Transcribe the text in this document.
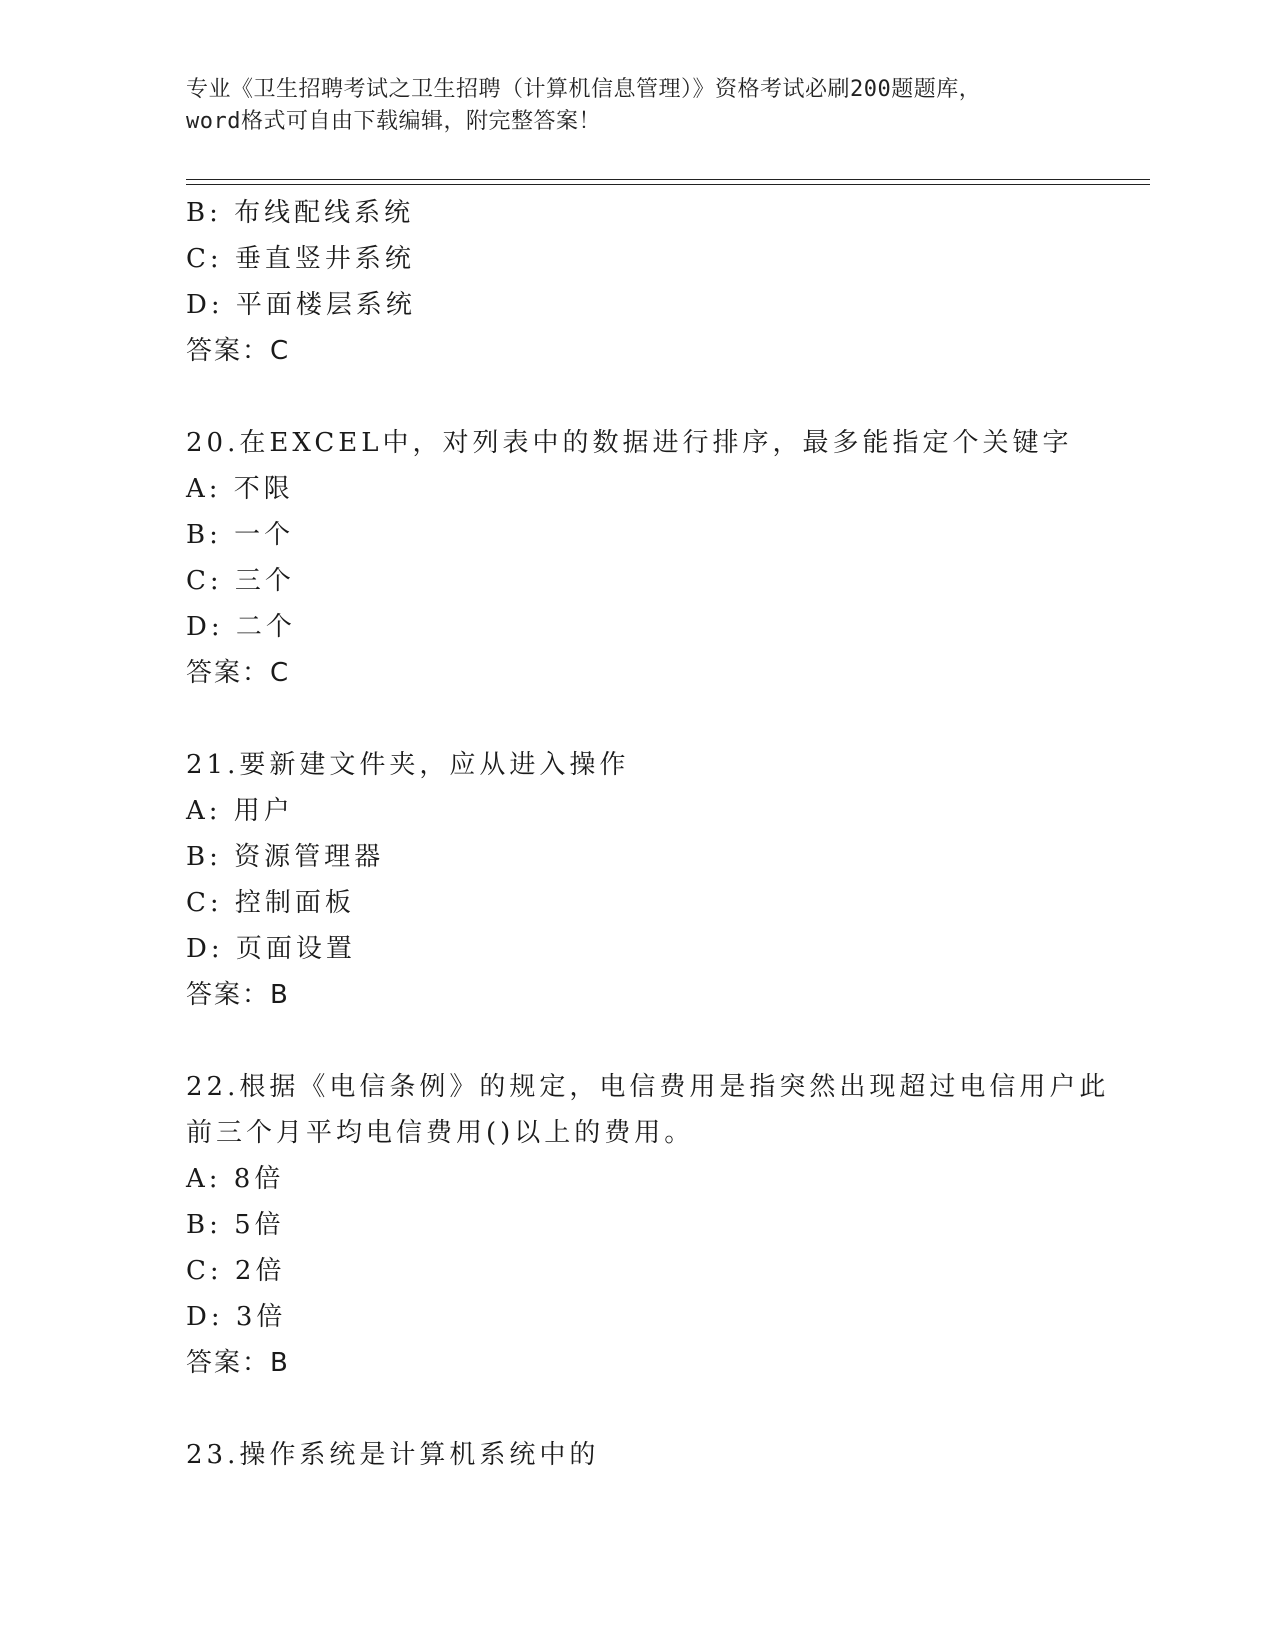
专业《卫生招聘考试之卫生招聘（计算机信息管理）》资格考试必刷200题题库，
word格式可自由下载编辑，附完整答案！
B: 布线配线系统
C: 垂直竖井系统
D: 平面楼层系统
答案：C
20.在EXCEL中，对列表中的数据进行排序，最多能指定个关键字
A: 不限
B: 一个
C: 三个
D: 二个
答案：C
21.要新建文件夹，应从进入操作
A: 用户
B: 资源管理器
C: 控制面板
D: 页面设置
答案：B
22.根据《电信条例》的规定，电信费用是指突然出现超过电信用户此
前三个月平均电信费用()以上的费用。
A: 8倍
B: 5倍
C: 2倍
D: 3倍
答案：B
23.操作系统是计算机系统中的
